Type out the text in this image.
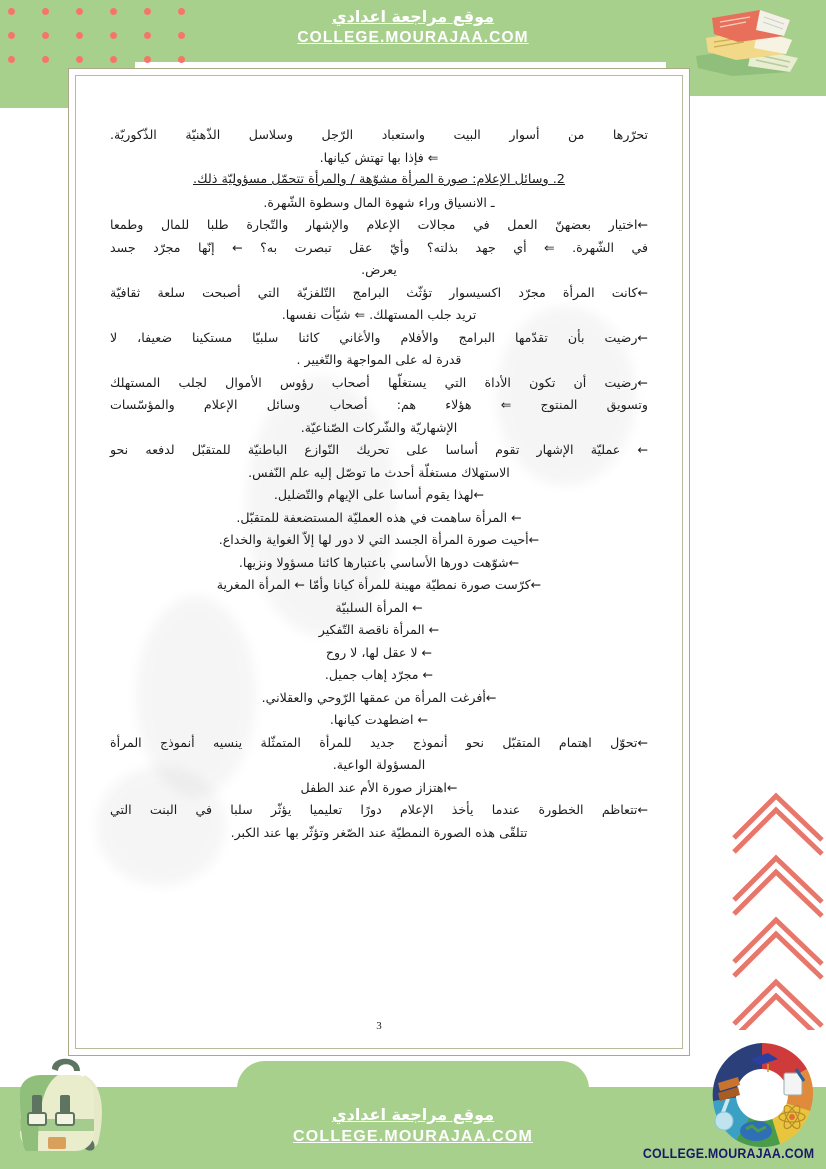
موقع مراجعة اعدادي
COLLEGE.MOURAJAA.COM

تحرّرها من أسوار البيت واستعباد الرّجل وسلاسل الذّهنيّة الذّكوريّة.

⇐ فإذا بها تهتش كيانها.

2. وسائل الإعلام: صورة المرأة مشوّهة / والمرأة تتحمّل مسؤوليّة ذلك.

ـ الانسياق وراء شهوة المال وسطوة الشّهرة.

←اختيار بعضهنّ العمل في مجالات الإعلام والإشهار والتّجارة طلبا للمال وطمعا

في الشّهرة. ⇐ أي جهد بذلته؟ وأيّ عقل تبصرت به؟ ← إنّها مجرّد جسد

يعرض.

←كانت المرأة مجرّد اكسيسوار تؤثّث البرامج التّلفزيّة التي أصبحت سلعة ثقافيّة

تريد جلب المستهلك. ⇐ شيّأت نفسها.

←رضيت بأن تقدّمها البرامج والأفلام والأغاني كائنا سلبيّا مستكينا ضعيفا، لا

قدرة له على المواجهة والتّغيير .

←رضيت أن تكون الأداة التي يستغلّها أصحاب رؤوس الأموال لجلب المستهلك

وتسويق المنتوج ⇐ هؤلاء هم: أصحاب وسائل الإعلام والمؤسّسات

الإشهاريّة والشّركات الصّناعيّة.

← عمليّة الإشهار تقوم أساسا على تحريك النّوازع الباطنيّة للمتقبّل لدفعه نحو

الاستهلاك مستغلّة أحدث ما توصّل إليه علم النّفس.

←لهذا يقوم أساسا على الإيهام والتّضليل.

← المرأة ساهمت في هذه العمليّة المستضعفة للمتقبّل.

←أحيت صورة المرأة الجسد التي لا دور لها إلاّ الغواية والخداع.

←شوّهت دورها الأساسي باعتبارها كائنا مسؤولا ونزيها.

←كرّست صورة نمطيّة مهينة للمرأة كيانا وأمّا ← المرأة المغرية

← المرأة السلبيّة

← المرأة ناقصة التّفكير

← لا عقل لها، لا روح

← مجرّد إهاب جميل.

←أفرغت المرأة من عمقها الرّوحي والعقلاني.

← اضطهدت كيانها.

←تحوّل اهتمام المتقبّل نحو أنموذج جديد للمرأة المتمثّلة ينسيه أنموذج المرأة

المسؤولة الواعية.

←اهتزاز صورة الأم عند الطفل

←تتعاظم الخطورة عندما يأخذ الإعلام دورًا تعليميا يؤثّر سلبا في البنت التي

تتلقّى هذه الصورة النمطيّة عند الصّغر وتؤثّر بها عند الكبر.

3
موقع مراجعة اعدادي
COLLEGE.MOURAJAA.COM
COLLEGE.MOURAJAA.COM
